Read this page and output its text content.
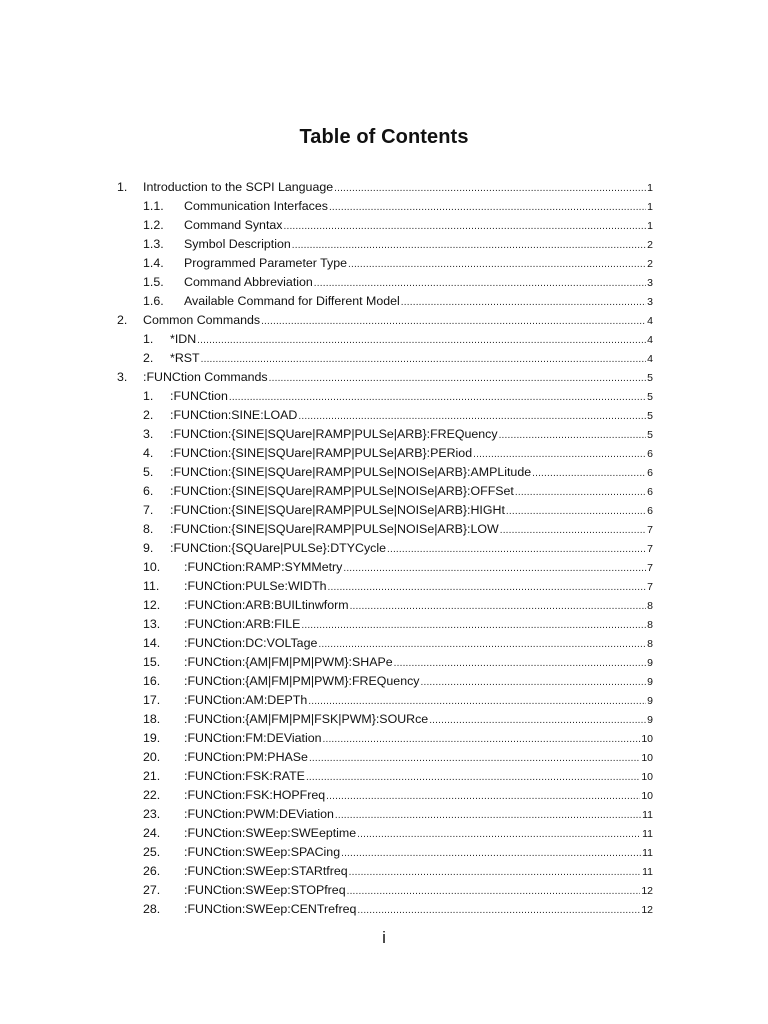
Table of Contents
1. Introduction to the SCPI Language .....	1
1.1. Communication Interfaces .....	1
1.2. Command Syntax .....	1
1.3. Symbol Description .....	2
1.4. Programmed Parameter Type .....	2
1.5. Command Abbreviation .....	3
1.6. Available Command for Different Model .....	3
2. Common Commands .....	4
1. *IDN .....	4
2. *RST .....	4
3. :FUNCtion Commands .....	5
1. :FUNCtion .....	5
2. :FUNCtion:SINE:LOAD .....	5
3. :FUNCtion:{SINE|SQUare|RAMP|PULSe|ARB}:FREQuency .....	5
4. :FUNCtion:{SINE|SQUare|RAMP|PULSe|ARB}:PERiod .....	6
5. :FUNCtion:{SINE|SQUare|RAMP|PULSe|NOISe|ARB}:AMPLitude .....	6
6. :FUNCtion:{SINE|SQUare|RAMP|PULSe|NOISe|ARB}:OFFSet .....	6
7. :FUNCtion:{SINE|SQUare|RAMP|PULSe|NOISe|ARB}:HIGHt .....	6
8. :FUNCtion:{SINE|SQUare|RAMP|PULSe|NOISe|ARB}:LOW .....	7
9. :FUNCtion:{SQUare|PULSe}:DTYCycle .....	7
10. :FUNCtion:RAMP:SYMMetry .....	7
11. :FUNCtion:PULSe:WIDTh .....	7
12. :FUNCtion:ARB:BUILtinwform .....	8
13. :FUNCtion:ARB:FILE .....	8
14. :FUNCtion:DC:VOLTage .....	8
15. :FUNCtion:{AM|FM|PM|PWM}:SHAPe .....	9
16. :FUNCtion:{AM|FM|PM|PWM}:FREQuency .....	9
17. :FUNCtion:AM:DEPTh .....	9
18. :FUNCtion:{AM|FM|PM|FSK|PWM}:SOURce .....	9
19. :FUNCtion:FM:DEViation .....	10
20. :FUNCtion:PM:PHASe .....	10
21. :FUNCtion:FSK:RATE .....	10
22. :FUNCtion:FSK:HOPFreq .....	10
23. :FUNCtion:PWM:DEViation .....	11
24. :FUNCtion:SWEep:SWEeptime .....	11
25. :FUNCtion:SWEep:SPACing .....	11
26. :FUNCtion:SWEep:STARtfreq .....	11
27. :FUNCtion:SWEep:STOPfreq .....	12
28. :FUNCtion:SWEep:CENTrefreq .....	12
i
